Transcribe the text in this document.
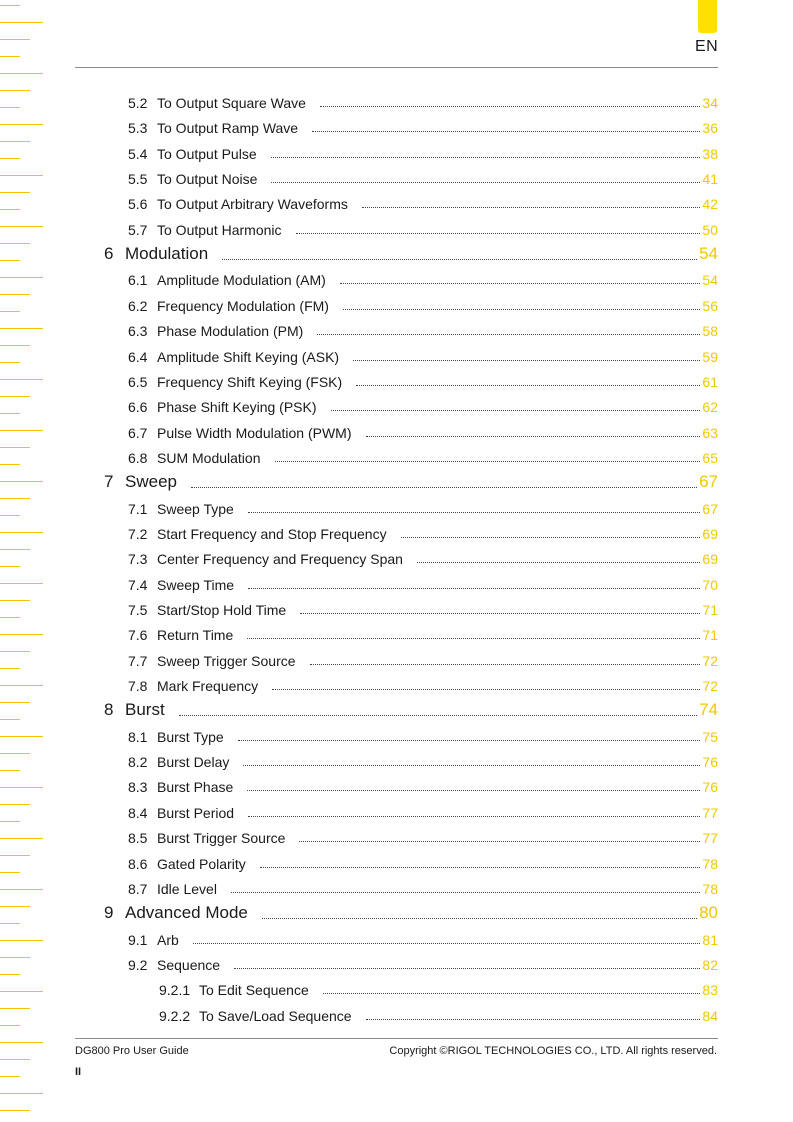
EN
5.2 To Output Square Wave	34
5.3 To Output Ramp Wave	36
5.4 To Output Pulse	38
5.5 To Output Noise	41
5.6 To Output Arbitrary Waveforms	42
5.7 To Output Harmonic	50
6 Modulation	54
6.1 Amplitude Modulation (AM)	54
6.2 Frequency Modulation (FM)	56
6.3 Phase Modulation (PM)	58
6.4 Amplitude Shift Keying (ASK)	59
6.5 Frequency Shift Keying (FSK)	61
6.6 Phase Shift Keying (PSK)	62
6.7 Pulse Width Modulation (PWM)	63
6.8 SUM Modulation	65
7 Sweep	67
7.1 Sweep Type	67
7.2 Start Frequency and Stop Frequency	69
7.3 Center Frequency and Frequency Span	69
7.4 Sweep Time	70
7.5 Start/Stop Hold Time	71
7.6 Return Time	71
7.7 Sweep Trigger Source	72
7.8 Mark Frequency	72
8 Burst	74
8.1 Burst Type	75
8.2 Burst Delay	76
8.3 Burst Phase	76
8.4 Burst Period	77
8.5 Burst Trigger Source	77
8.6 Gated Polarity	78
8.7 Idle Level	78
9 Advanced Mode	80
9.1 Arb	81
9.2 Sequence	82
9.2.1 To Edit Sequence	83
9.2.2 To Save/Load Sequence	84
DG800 Pro User Guide	Copyright ©RIGOL TECHNOLOGIES CO., LTD. All rights reserved.
II
